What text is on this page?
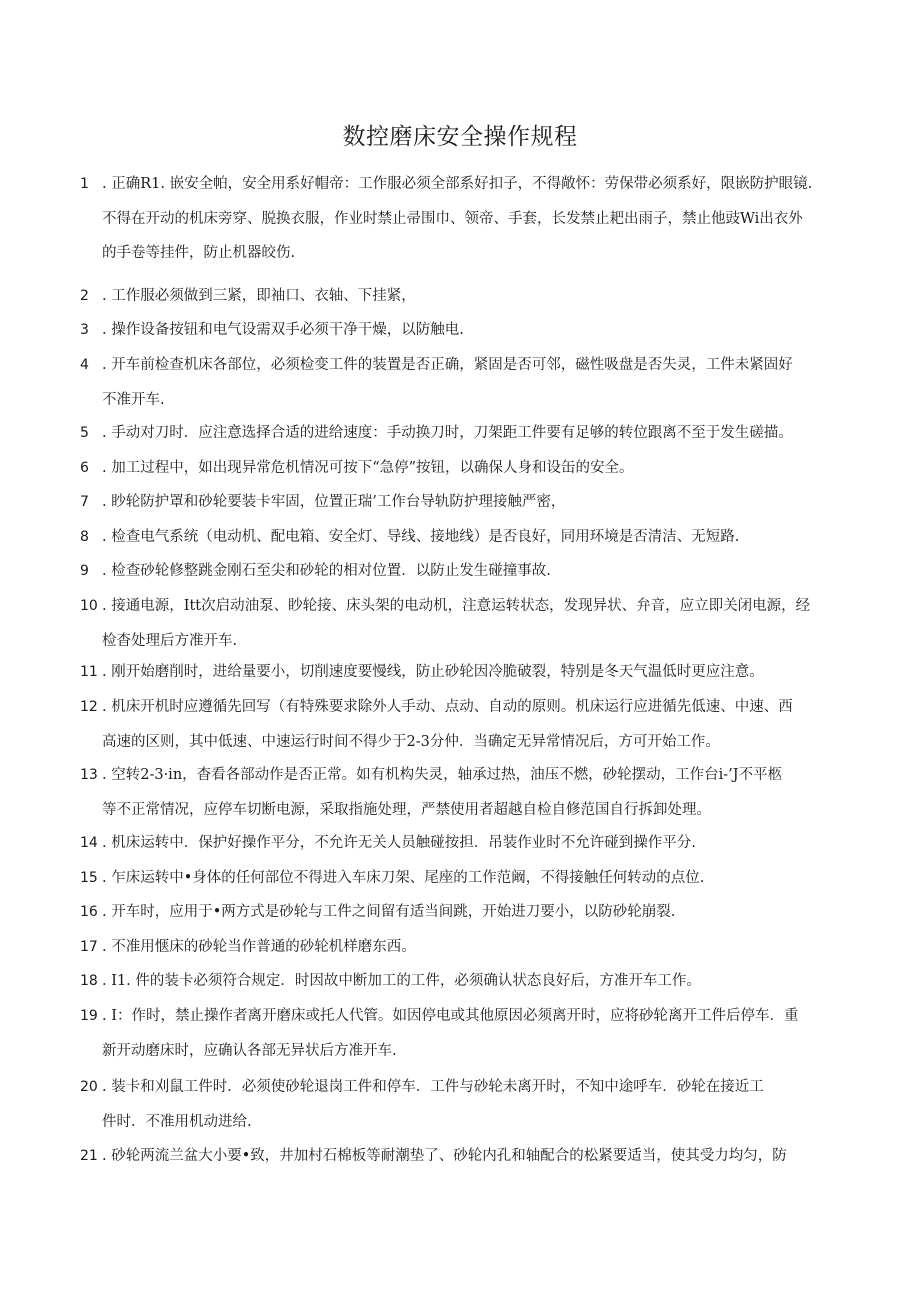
数控磨床安全操作规程
1 . 正确R1. 嵌安全帕，安全用系好帽帝：工作服必须全部系好扣子，不得敞怀：劳保带必须系好，限嵌防护眼镜.
不得在开动的机床旁穿、脱换衣服，作业时禁止帚围巾、领帝、手套，长发禁止耙出雨子，禁止他豉Wi出衣外
的手卷等挂件，防止机器皎伤.
2 . 工作服必须做到三紧，即袖口、衣轴、下挂紧，
3 . 操作设备按钮和电气设需双手必须干净干燥，以防触电.
4 . 开车前检查机床各部位，必须检变工件的装置是否正确，紧固是否可邻，磁性吸盘是否失灵，工件未紧固好
不准开车.
5 . 手动对刀时．应注意选择合适的进给速度：手动换刀时，刀架距工件要有足够的转位跟离不至于发生磋描。
6 . 加工过程中，如出现异常危机情况可按下“急停”按钮，以确保人身和设缶的安全。
7 . 眇轮防护罩和砂轮要装卡牢固，位置正瑞’工作台导轨防护理接触严密，
8 . 检查电气系统（电动机、配电箱、安全灯、导线、接地线）是否良好，同用环境是否清洁、无短路.
9 . 检查砂轮修整跳金刚石至尖和砂轮的相对位置．以防止发生碰撞事故.
10 . 接通电源，Itt次启动油泵、眇轮接、床头架的电动机，注意运转状态，发现异状、弁音，应立即关闭电源，经
检杳处理后方准开车.
11 . 刚开始磨削时，进给量要小，切削速度要慢线，防止砂轮因冷脆破裂，特别是冬天气温低时更应注意。
12 . 机床开机时应遵循先回写（有特殊要求除外人手动、点动、自动的原则。机床运行应进循先低速、中速、西
高速的区则，其中低速、中速运行时间不得少于2-3分仲．当确定无异常情况后，方可开始工作。
13 . 空转2-3·in，杳看各部动作是否正常。如有机构失灵，轴承过热，油压不燃，砂轮摆动，工作台i-’J不平柩
等不正常情况，应停车切断电源，采取指施处理，严禁使用者超越自检自修范国自行拆卸处理。
14 . 机床运转中．保护好操作平分，不允许无关人员触碰按担．吊装作业时不允许碰到操作平分.
15 . 乍床运转中•身体的任何部位不得进入车床刀架、尾座的工作范阚，不得接触任何转动的点位.
16 . 开车时，应用于•两方式是砂轮与工件之间留有适当间跳，开始进刀要小，以防砂轮崩裂.
17 . 不准用惬床的砂轮当作普通的砂轮机样磨东西。
18 . I1. 件的装卡必须符合规定．时因故中断加工的工件，必须确认状态良好后，方准开车工作。
19 . I：作时，禁止操作者离开磨床或托人代管。如因停电或其他原因必须离开时，应将砂轮离开工件后停车．重
新开动磨床时，应确认各部无异状后方准开车.
20 . 装卡和刈鼠工件时．必须使砂轮退岗工件和停车．工件与砂轮未离开时，不知中途呼车．砂轮在接近工
件时．不准用机动进给.
21 . 砂轮两流兰盆大小要•致，井加村石棉板等耐潮垫了、砂轮内孔和轴配合的松紧要适当，使其受力均匀，防
